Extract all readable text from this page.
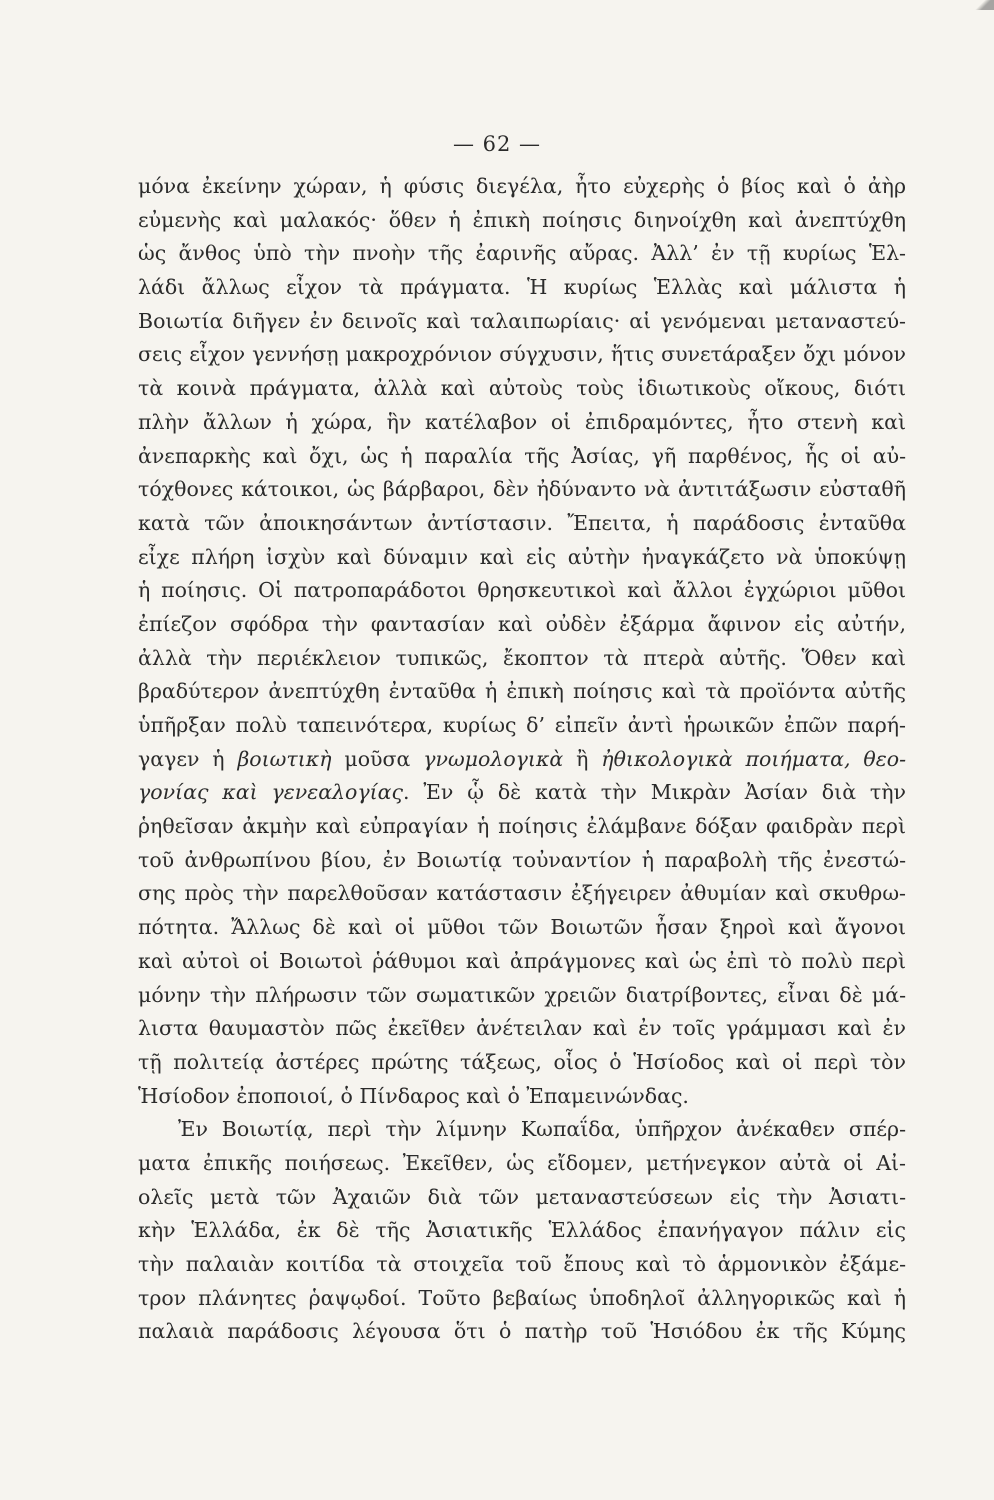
— 62 —
μόνα ἐκείνην χώραν, ἡ φύσις διεγέλα, ἦτο εὐχερὴς ὁ βίος καὶ ὁ ἀὴρ
εὐμενὴς καὶ μαλακός· ὅθεν ἡ ἐπικὴ ποίησις διηνοίχθη καὶ ἀνεπτύχθη
ὡς ἄνθος ὑπὸ τὴν πνοὴν τῆς ἐαρινῆς αὔρας. Ἀλλ’ ἐν τῇ κυρίως Ἑλ-
λάδι ἄλλως εἶχον τὰ πράγματα. Ἡ κυρίως Ἑλλὰς καὶ μάλιστα ἡ
Βοιωτία διῆγεν ἐν δεινοῖς καὶ ταλαιπωρίαις· αἱ γενόμεναι μεταναστεύ-
σεις εἶχον γεννήσῃ μακροχρόνιον σύγχυσιν, ἥτις συνετάραξεν ὄχι μόνον
τὰ κοινὰ πράγματα, ἀλλὰ καὶ αὐτοὺς τοὺς ἰδιωτικοὺς οἴκους, διότι
πλὴν ἄλλων ἡ χώρα, ἣν κατέλαβον οἱ ἐπιδραμόντες, ἦτο στενὴ καὶ
ἀνεπαρκὴς καὶ ὄχι, ὡς ἡ παραλία τῆς Ἀσίας, γῆ παρθένος, ἧς οἱ αὐ-
τόχθονες κάτοικοι, ὡς βάρβαροι, δὲν ἠδύναντο νὰ ἀντιτάξωσιν εὐσταθῆ
κατὰ τῶν ἀποικησάντων ἀντίστασιν. Ἔπειτα, ἡ παράδοσις ἐνταῦθα
εἶχε πλήρη ἰσχὺν καὶ δύναμιν καὶ εἰς αὐτὴν ἠναγκάζετο νὰ ὑποκύψῃ
ἡ ποίησις. Οἱ πατροπαράδοτοι θρησκευτικοὶ καὶ ἄλλοι ἐγχώριοι μῦθοι
ἐπίεζον σφόδρα τὴν φαντασίαν καὶ οὐδὲν ἐξάρμα ἄφινον εἰς αὐτήν,
ἀλλὰ τὴν περιέκλειον τυπικῶς, ἔκοπτον τὰ πτερὰ αὐτῆς. Ὅθεν καὶ
βραδύτερον ἀνεπτύχθη ἐνταῦθα ἡ ἐπικὴ ποίησις καὶ τὰ προϊόντα αὐτῆς
ὑπῆρξαν πολὺ ταπεινότερα, κυρίως δ’ εἰπεῖν ἀντὶ ἡρωικῶν ἐπῶν παρή-
γαγεν ἡ βοιωτικὴ μοῦσα γνωμολογικὰ ἢ ἠθικολογικὰ ποιήματα, θεο-
γονίας καὶ γενεαλογίας. Ἐν ᾧ δὲ κατὰ τὴν Μικρὰν Ἀσίαν διὰ τὴν
ῥηθεῖσαν ἀκμὴν καὶ εὐπραγίαν ἡ ποίησις ἐλάμβανε δόξαν φαιδρὰν περὶ
τοῦ ἀνθρωπίνου βίου, ἐν Βοιωτίᾳ τοὐναντίον ἡ παραβολὴ τῆς ἐνεστώ-
σης πρὸς τὴν παρελθοῦσαν κατάστασιν ἐξήγειρεν ἀθυμίαν καὶ σκυθρω-
πότητα. Ἄλλως δὲ καὶ οἱ μῦθοι τῶν Βοιωτῶν ἦσαν ξηροὶ καὶ ἄγονοι
καὶ αὐτοὶ οἱ Βοιωτοὶ ῥάθυμοι καὶ ἀπράγμονες καὶ ὡς ἐπὶ τὸ πολὺ περὶ
μόνην τὴν πλήρωσιν τῶν σωματικῶν χρειῶν διατρίβοντες, εἶναι δὲ μά-
λιστα θαυμαστὸν πῶς ἐκεῖθεν ἀνέτειλαν καὶ ἐν τοῖς γράμμασι καὶ ἐν
τῇ πολιτείᾳ ἀστέρες πρώτης τάξεως, οἷος ὁ Ἡσίοδος καὶ οἱ περὶ τὸν
Ἡσίοδον ἐποποιοί, ὁ Πίνδαρος καὶ ὁ Ἐπαμεινώνδας.
Ἐν Βοιωτίᾳ, περὶ τὴν λίμνην Κωπαΐδα, ὑπῆρχον ἀνέκαθεν σπέρ-
ματα ἐπικῆς ποιήσεως. Ἐκεῖθεν, ὡς εἴδομεν, μετήνεγκον αὐτὰ οἱ Αἰ-
ολεῖς μετὰ τῶν Ἀχαιῶν διὰ τῶν μεταναστεύσεων εἰς τὴν Ἀσιατι-
κὴν Ἑλλάδα, ἐκ δὲ τῆς Ἀσιατικῆς Ἑλλάδος ἐπανήγαγον πάλιν εἰς
τὴν παλαιὰν κοιτίδα τὰ στοιχεῖα τοῦ ἔπους καὶ τὸ ἁρμονικὸν ἐξάμε-
τρον πλάνητες ῥαψῳδοί. Τοῦτο βεβαίως ὑποδηλοῖ ἀλληγορικῶς καὶ ἡ
παλαιὰ παράδοσις λέγουσα ὅτι ὁ πατὴρ τοῦ Ἡσιόδου ἐκ τῆς Κύμης
